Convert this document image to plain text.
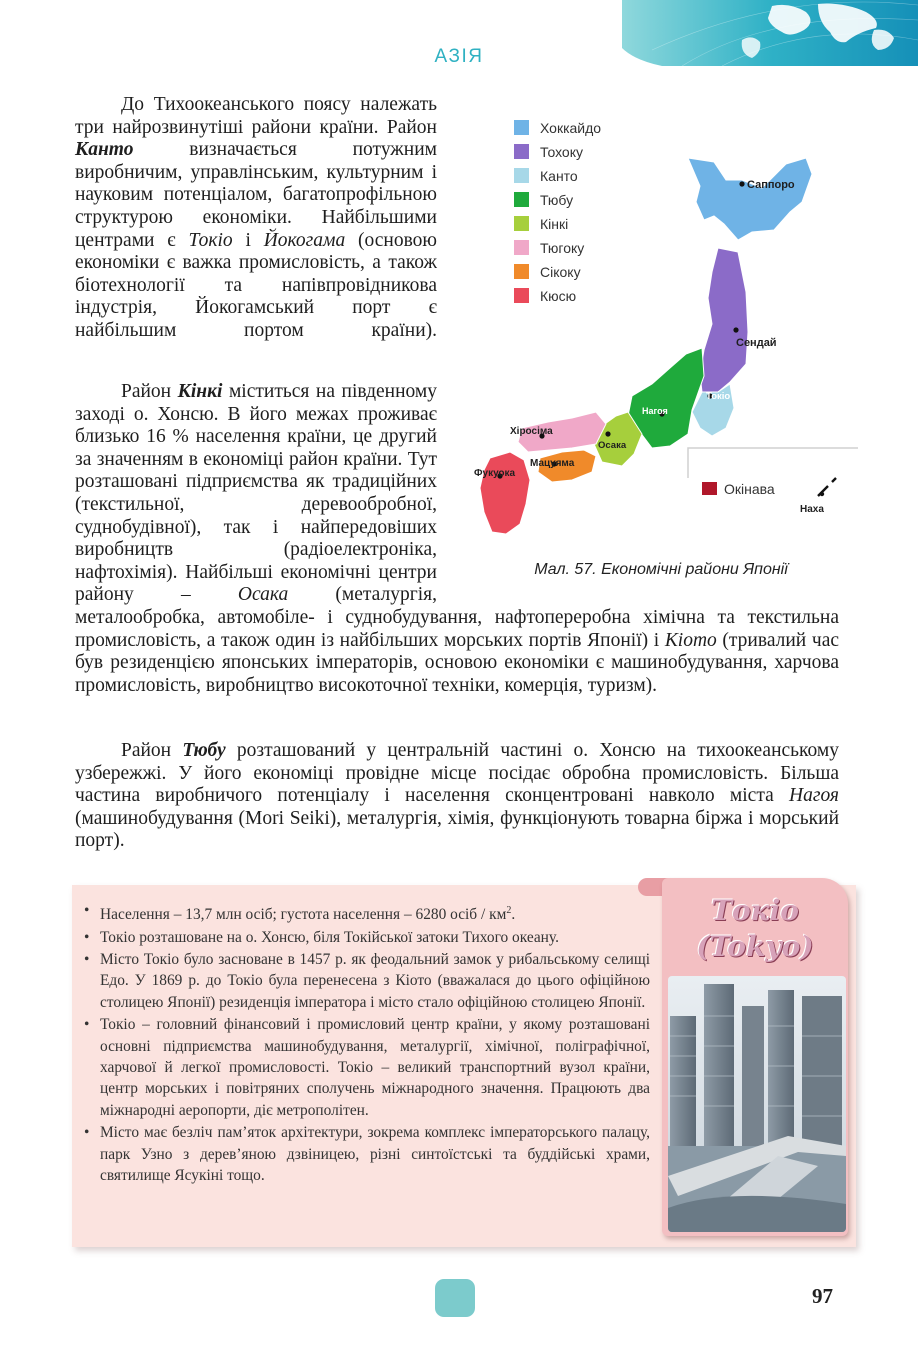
АЗІЯ
До Тихоокеанського поясу належать три найрозвинутіші райони країни. Район Канто визначається потужним виробничим, управлінським, культурним і науковим потенціалом, багатопрофільною структурою економіки. Найбільшими центрами є Токіо і Йокогама (основою економіки є важка промисловість, а також біотехнології та напівпровідникова індустрія, Йокогамський порт є найбільшим портом країни).
Хоккайдо
Тохоку
Канто
Тюбу
Кінкі
Тюгоку
Сікоку
Кюсю
Саппоро
Сендай
Токіо
Нагоя
Хіросіма
Осака
Мацуяма
Фукуока
Окінава
Наха
Мал. 57. Економічні райони Японії
Район Кінкі міститься на південному заході о. Хонсю. В його межах проживає близько 16 % населення країни, це другий за значенням в економіці район країни. Тут розташовані підприємства як традиційних (текстильної, деревообробної, суднобудівної), так і найпередовіших виробництв (радіоелектроніка, нафтохімія). Найбільші економічні центри району – Осака (металургія, металообробка, автомобіле- і суднобудування, нафтопереробна хімічна та текстильна промисловість, а також один із найбільших морських портів Японії) і Кіото (тривалий час був резиденцією японських імператорів, основою економіки є машинобудування, харчова промисловість, виробництво високоточної техніки, комерція, туризм).
Район Тюбу розташований у центральній частині о. Хонсю на тихоокеанському узбережжі. У його економіці провідне місце посідає обробна промисловість. Більша частина виробничого потенціалу і населення сконцентровані навколо міста Нагоя (машинобудування (Mori Seiki), металургія, хімія, функціонують товарна біржа і морський порт).
• Населення – 13,7 млн осіб; густота населення – 6280 осіб / $км^2$.
• Токіо розташоване на о. Хонсю, біля Токійської затоки Тихого океану.
• Місто Токіо було засноване в 1457 р. як феодальний замок у рибальському селищі Едо. У 1869 р. до Токіо була перенесена з Кіото (вважалася до цього офіційною столицею Японії) резиденція імператора і місто стало офіційною столицею Японії.
• Токіо – головний фінансовий і промисловий центр країни, у якому розташовані основні підприємства машинобудування, металургії, хімічної, поліграфічної, харчової й легкої промисловості. Токіо – великий транспортний вузол країни, центр морських і повітряних сполучень міжнародного значення. Працюють два міжнародні аеропорти, діє метрополітен.
• Місто має безліч пам’яток архітектури, зокрема комплекс імператорського палацу, парк Узно з дерев’яною дзвіницею, різні синтоїстські та буддійські храми, святилище Ясукіні тощо.
Токіо
(Tokyo)
97
